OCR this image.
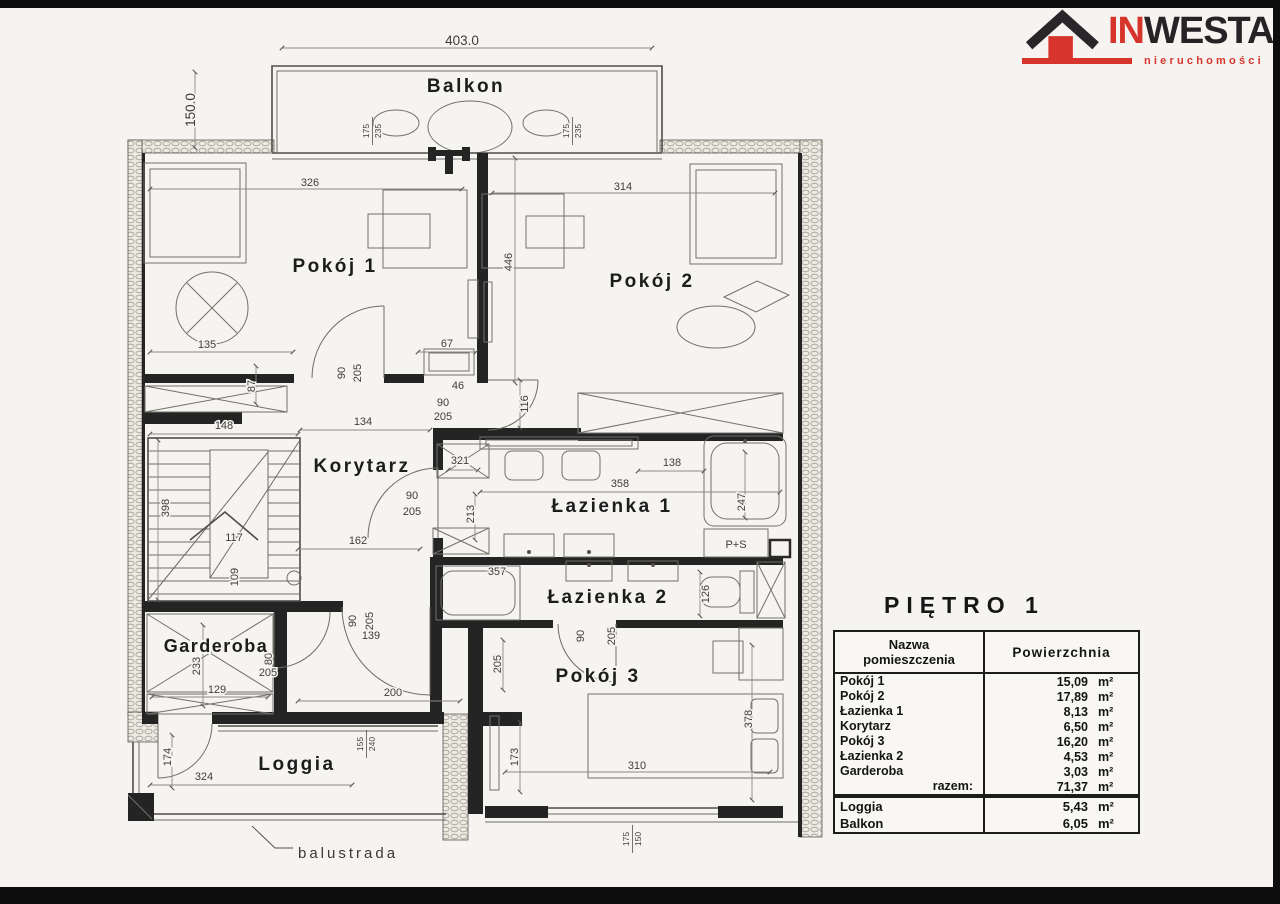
403.0
326	314
135	67
46
90
205
134
148
117
90
205
321
358
138
162
357
129
205
139
200
310
324
P+S
150.0
446
87
90 205
116
398
109
213
247
126
233	80
90 205
90 205
205
173
378
174
175 235	175 235
155 240
175 150
Balkon
Pokój 1
Pokój 2
Korytarz
Łazienka 1
Łazienka 2
Garderoba
Pokój 3
Loggia
balustrada
INWESTA
nieruchomości
PIĘTRO 1
Nazwa
pomieszczenia	Powierzchnia
Pokój 1	15,09 m²
Pokój 2	17,89 m²
Łazienka 1	8,13 m²
Korytarz	6,50 m²
Pokój 3	16,20 m²
Łazienka 2	4,53 m²
Garderoba	3,03 m²
razem:	71,37 m²
Loggia	5,43 m²
Balkon	6,05 m²
